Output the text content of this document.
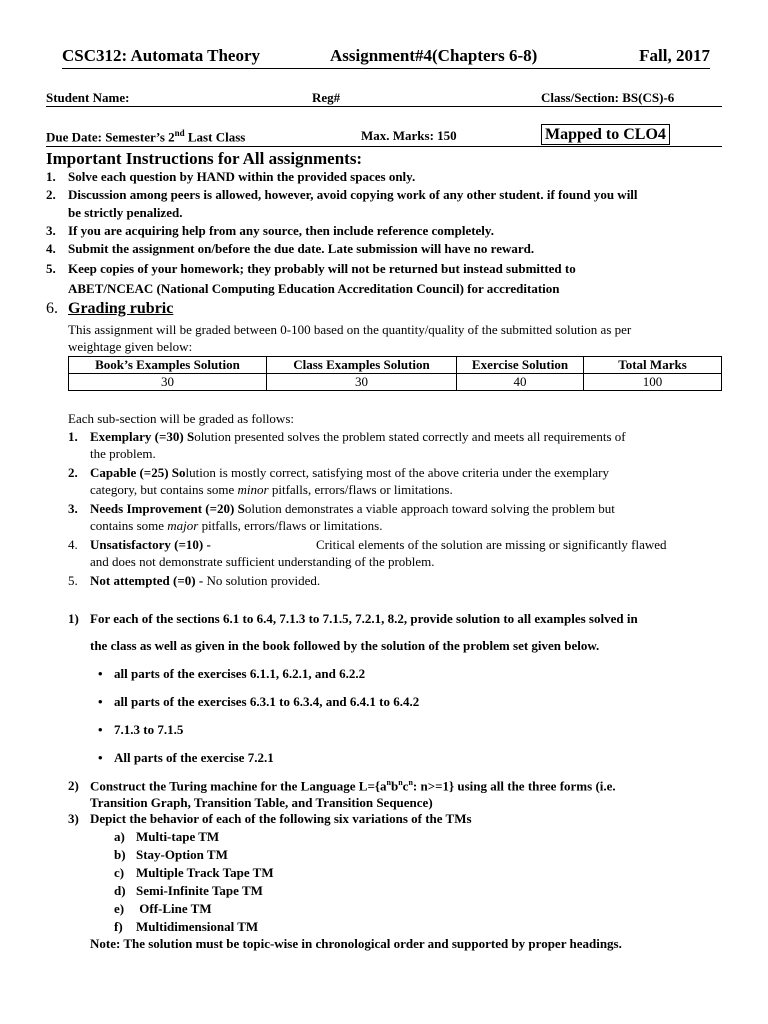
CSC312: Automata Theory	Assignment#4(Chapters 6-8)	Fall, 2017
Student Name:	Reg#	Class/Section: BS(CS)-6
Due Date: Semester’s 2nd Last Class	Max. Marks: 150	Mapped to CLO4
Important Instructions for All assignments:
1. Solve each question by HAND within the provided spaces only.
2. Discussion among peers is allowed, however, avoid copying work of any other student. if found you will
be strictly penalized.
3. If you are acquiring help from any source, then include reference completely.
4. Submit the assignment on/before the due date. Late submission will have no reward.
5. Keep copies of your homework; they probably will not be returned but instead submitted to
ABET/NCEAC (National Computing Education Accreditation Council) for accreditation
6. Grading rubric
This assignment will be graded between 0-100 based on the quantity/quality of the submitted solution as per
weightage given below:
Book’s Examples Solution	Class Examples Solution	Exercise Solution	Total Marks
30	30	40	100
Each sub-section will be graded as follows:
1. Exemplary (=30) Solution presented solves the problem stated correctly and meets all requirements of
the problem.
2. Capable (=25) Solution is mostly correct, satisfying most of the above criteria under the exemplary
category, but contains some minor pitfalls, errors/flaws or limitations.
3. Needs Improvement (=20) Solution demonstrates a viable approach toward solving the problem but
contains some major pitfalls, errors/flaws or limitations.
4. Unsatisfactory (=10) -	Critical elements of the solution are missing or significantly flawed
and does not demonstrate sufficient understanding of the problem.
5. Not attempted (=0) - No solution provided.
1) For each of the sections 6.1 to 6.4, 7.1.3 to 7.1.5, 7.2.1, 8.2, provide solution to all examples solved in
the class as well as given in the book followed by the solution of the problem set given below.
• all parts of the exercises 6.1.1, 6.2.1, and 6.2.2
• all parts of the exercises 6.3.1 to 6.3.4, and 6.4.1 to 6.4.2
• 7.1.3 to 7.1.5
• All parts of the exercise 7.2.1
2) Construct the Turing machine for the Language $L=\{a^nb^nc^n$: n>=1} using all the three forms (i.e.
Transition Graph, Transition Table, and Transition Sequence)
3) Depict the behavior of each of the following six variations of the TMs
a) Multi-tape TM
b) Stay-Option TM
c) Multiple Track Tape TM
d) Semi-Infinite Tape TM
e) Off-Line TM
f) Multidimensional TM
Note: The solution must be topic-wise in chronological order and supported by proper headings.
